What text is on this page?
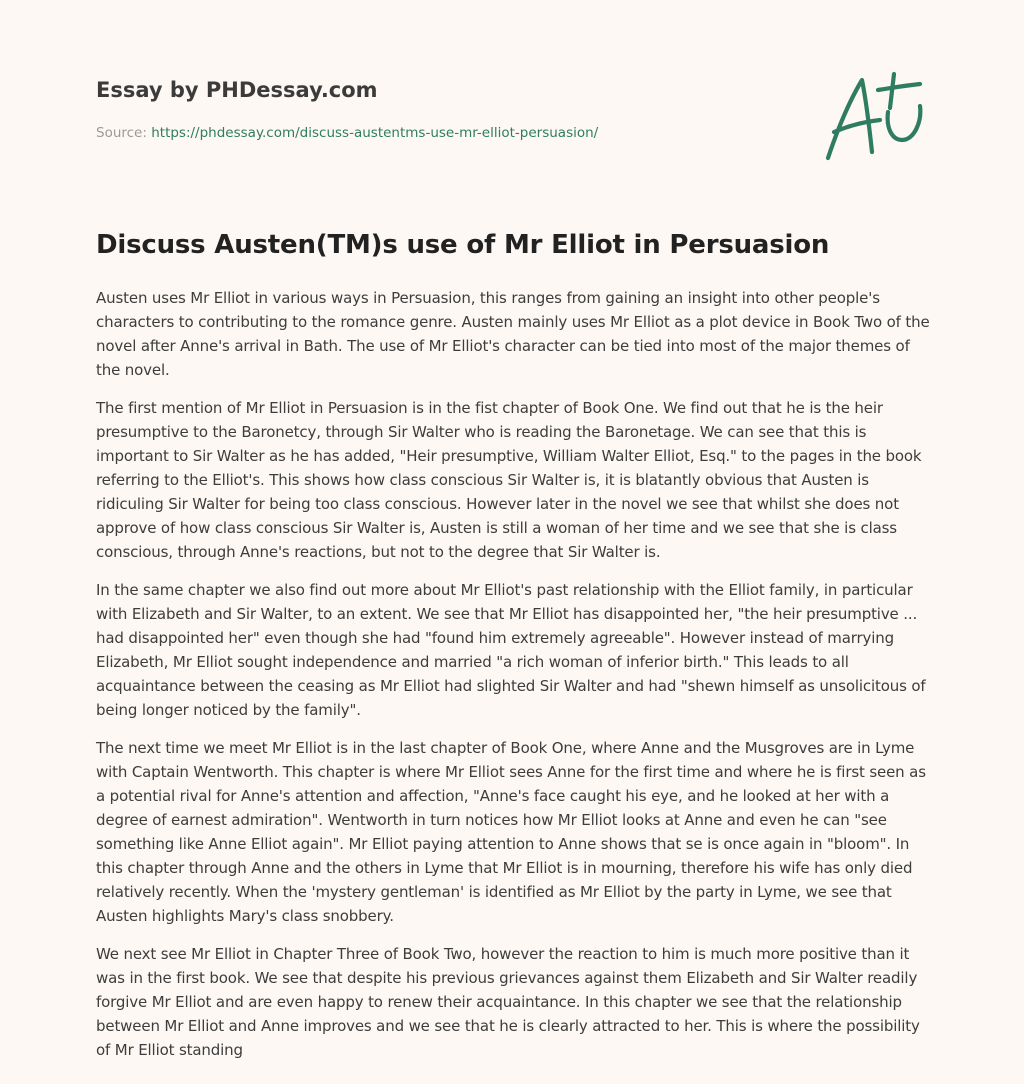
Essay by PHDessay.com
Source: https://phdessay.com/discuss-austentms-use-mr-elliot-persuasion/
Discuss Austen(TM)s use of Mr Elliot in Persuasion

Austen uses Mr Elliot in various ways in Persuasion, this ranges from gaining an insight into other people's characters to contributing to the romance genre. Austen mainly uses Mr Elliot as a plot device in Book Two of the novel after Anne's arrival in Bath. The use of Mr Elliot's character can be tied into most of the major themes of the novel.

The first mention of Mr Elliot in Persuasion is in the fist chapter of Book One. We find out that he is the heir presumptive to the Baronetcy, through Sir Walter who is reading the Baronetage. We can see that this is important to Sir Walter as he has added, "Heir presumptive, William Walter Elliot, Esq." to the pages in the book referring to the Elliot's. This shows how class conscious Sir Walter is, it is blatantly obvious that Austen is ridiculing Sir Walter for being too class conscious. However later in the novel we see that whilst she does not approve of how class conscious Sir Walter is, Austen is still a woman of her time and we see that she is class conscious, through Anne's reactions, but not to the degree that Sir Walter is.

In the same chapter we also find out more about Mr Elliot's past relationship with the Elliot family, in particular with Elizabeth and Sir Walter, to an extent. We see that Mr Elliot has disappointed her, "the heir presumptive ... had disappointed her" even though she had "found him extremely agreeable". However instead of marrying Elizabeth, Mr Elliot sought independence and married "a rich woman of inferior birth." This leads to all acquaintance between the ceasing as Mr Elliot had slighted Sir Walter and had "shewn himself as unsolicitous of being longer noticed by the family".

The next time we meet Mr Elliot is in the last chapter of Book One, where Anne and the Musgroves are in Lyme with Captain Wentworth. This chapter is where Mr Elliot sees Anne for the first time and where he is first seen as a potential rival for Anne's attention and affection, "Anne's face caught his eye, and he looked at her with a degree of earnest admiration". Wentworth in turn notices how Mr Elliot looks at Anne and even he can "see something like Anne Elliot again". Mr Elliot paying attention to Anne shows that se is once again in "bloom". In this chapter through Anne and the others in Lyme that Mr Elliot is in mourning, therefore his wife has only died relatively recently. When the 'mystery gentleman' is identified as Mr Elliot by the party in Lyme, we see that Austen highlights Mary's class snobbery.

We next see Mr Elliot in Chapter Three of Book Two, however the reaction to him is much more positive than it was in the first book. We see that despite his previous grievances against them Elizabeth and Sir Walter readily forgive Mr Elliot and are even happy to renew their acquaintance. In this chapter we see that the relationship between Mr Elliot and Anne improves and we see that he is clearly attracted to her. This is where the possibility of Mr Elliot standing
